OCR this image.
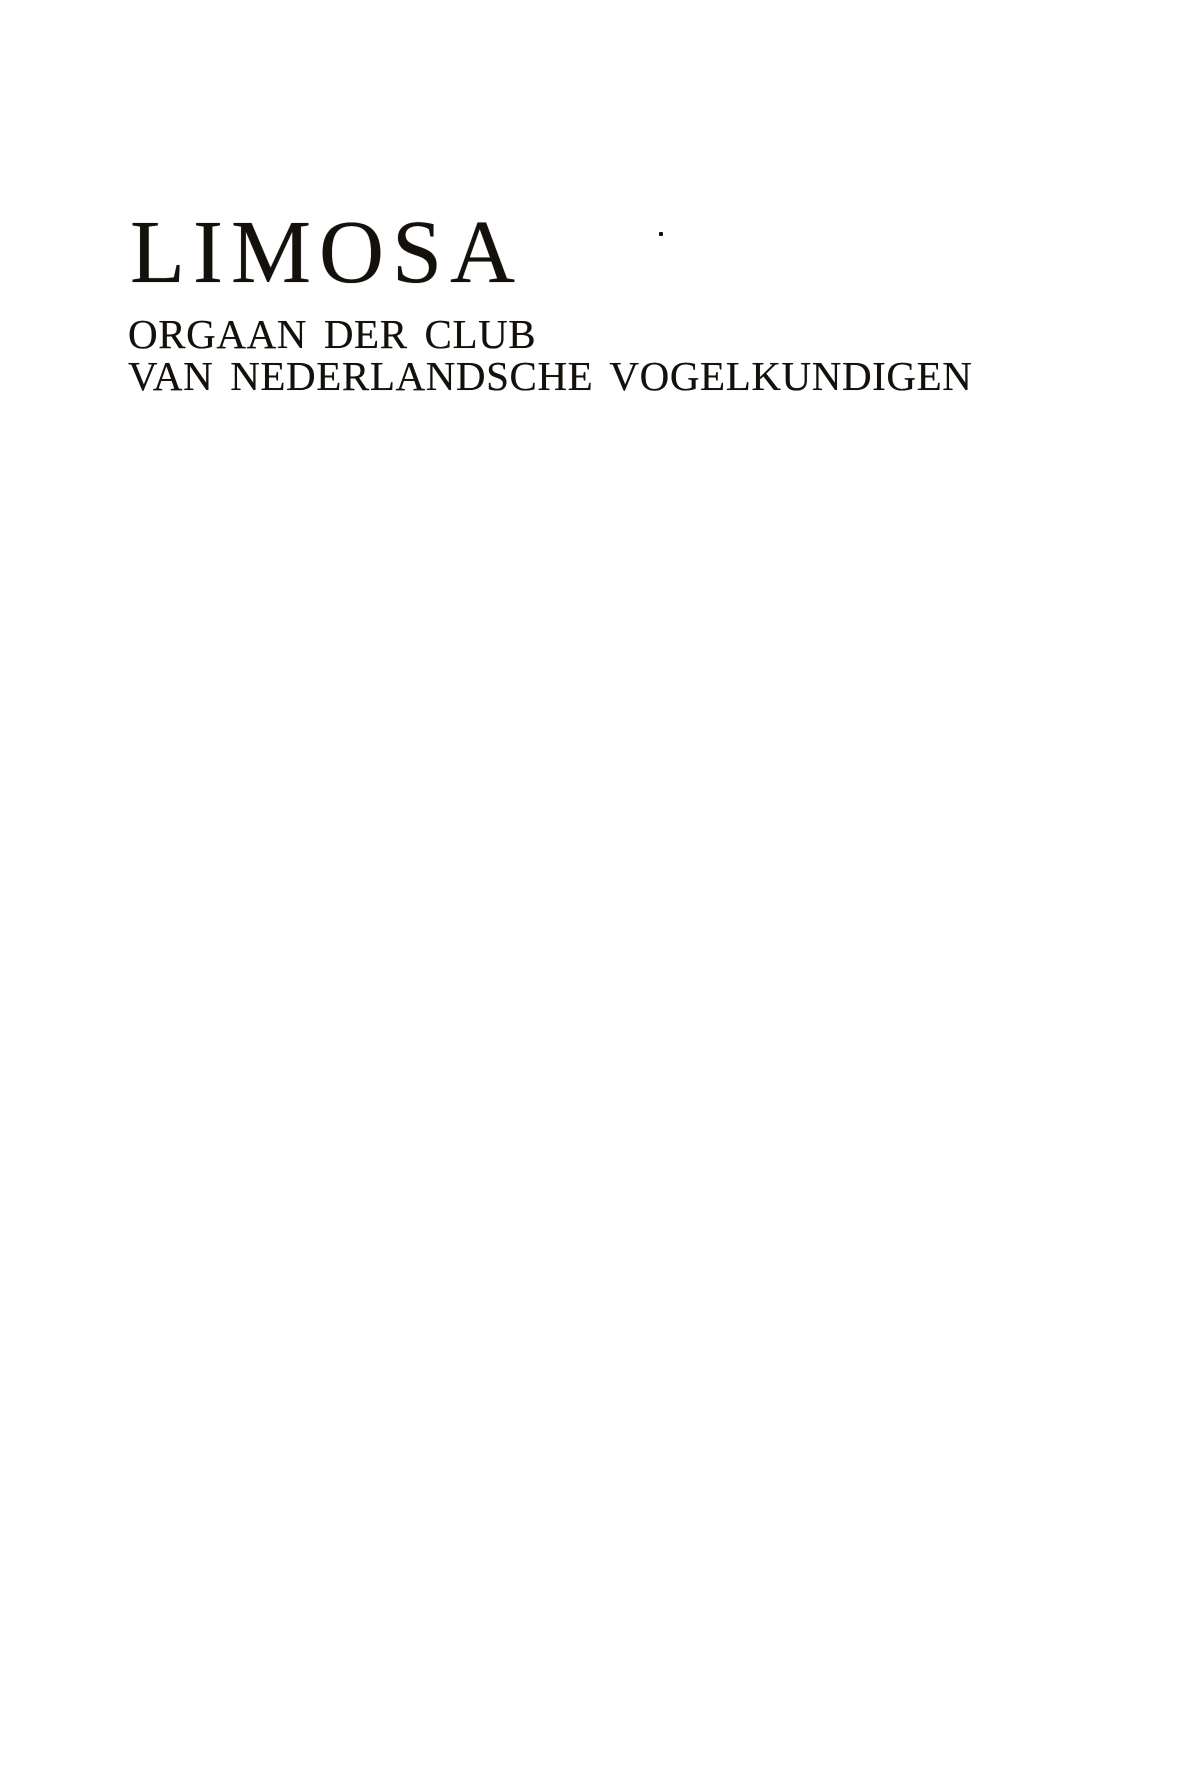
LIMOSA
ORGAAN DER CLUB
VAN NEDERLANDSCHE VOGELKUNDIGEN
